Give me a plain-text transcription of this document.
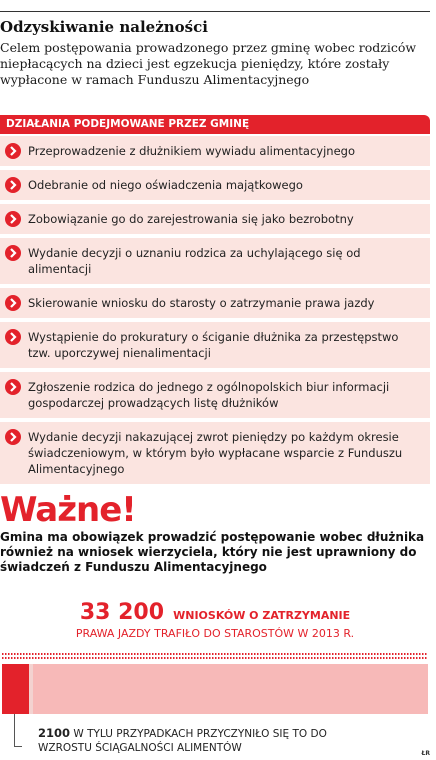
Odzyskiwanie należności
Celem postępowania prowadzonego przez gminę wobec rodziców niepłacących na dzieci jest egzekucja pieniędzy, które zostały wypłacone w ramach Funduszu Alimentacyjnego
DZIAŁANIA PODEJMOWANE PRZEZ GMINĘ
Przeprowadzenie z dłużnikiem wywiadu alimentacyjnego
Odebranie od niego oświadczenia majątkowego
Zobowiązanie go do zarejestrowania się jako bezrobotny
Wydanie decyzji o uznaniu rodzica za uchylającego się od alimentacji
Skierowanie wniosku do starosty o zatrzymanie prawa jazdy
Wystąpienie do prokuratury o ściganie dłużnika za przestępstwo tzw. uporczywej nienalimentacji
Zgłoszenie rodzica do jednego z ogólnopolskich biur informacji gospodarczej prowadzących listę dłużników
Wydanie decyzji nakazującej zwrot pieniędzy po każdym okresie świadczeniowym, w którym było wypłacane wsparcie z Funduszu Alimentacyjnego
Ważne!
Gmina ma obowiązek prowadzić postępowanie wobec dłużnika również na wniosek wierzyciela, który nie jest uprawniony do świadczeń z Funduszu Alimentacyjnego
33 200 WNIOSKÓW O ZATRZYMANIE
PRAWA JAZDY TRAFIŁO DO STAROSTÓW W 2013 R.
2100 W TYLU PRZYPADKACH PRZYCZYNIŁO SIĘ TO DO WZROSTU ŚCIĄGALNOŚCI ALIMENTÓW	ŁR
